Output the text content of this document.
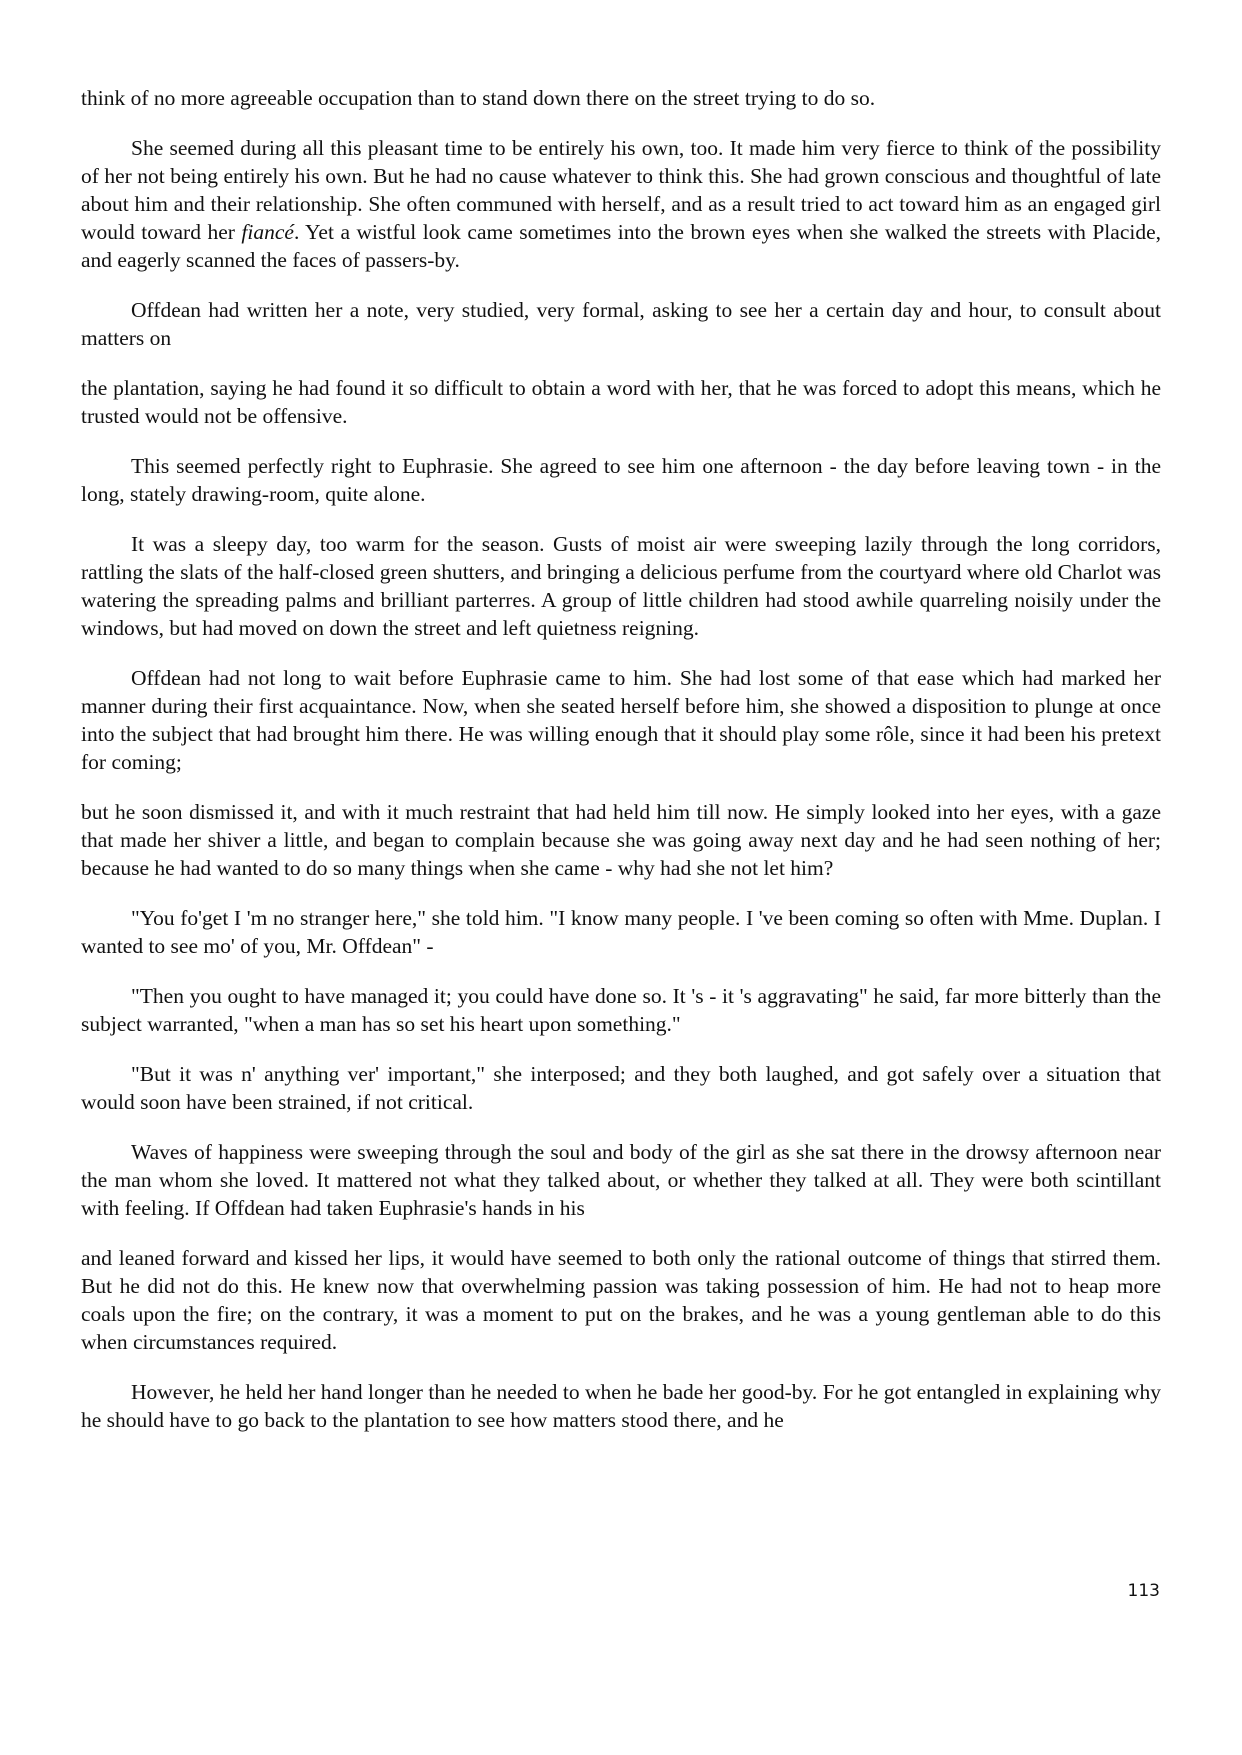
think of no more agreeable occupation than to stand down there on the street trying to do so.

She seemed during all this pleasant time to be entirely his own, too. It made him very fierce to think of the possibility of her not being entirely his own. But he had no cause whatever to think this. She had grown conscious and thoughtful of late about him and their relationship. She often communed with herself, and as a result tried to act toward him as an engaged girl would toward her fiancé. Yet a wistful look came sometimes into the brown eyes when she walked the streets with Placide, and eagerly scanned the faces of passers-by.

Offdean had written her a note, very studied, very formal, asking to see her a certain day and hour, to consult about matters on

the plantation, saying he had found it so difficult to obtain a word with her, that he was forced to adopt this means, which he trusted would not be offensive.

This seemed perfectly right to Euphrasie. She agreed to see him one afternoon - the day before leaving town - in the long, stately drawing-room, quite alone.

It was a sleepy day, too warm for the season. Gusts of moist air were sweeping lazily through the long corridors, rattling the slats of the half-closed green shutters, and bringing a delicious perfume from the courtyard where old Charlot was watering the spreading palms and brilliant parterres. A group of little children had stood awhile quarreling noisily under the windows, but had moved on down the street and left quietness reigning.

Offdean had not long to wait before Euphrasie came to him. She had lost some of that ease which had marked her manner during their first acquaintance. Now, when she seated herself before him, she showed a disposition to plunge at once into the subject that had brought him there. He was willing enough that it should play some rôle, since it had been his pretext for coming;

but he soon dismissed it, and with it much restraint that had held him till now. He simply looked into her eyes, with a gaze that made her shiver a little, and began to complain because she was going away next day and he had seen nothing of her; because he had wanted to do so many things when she came - why had she not let him?

"You fo'get I 'm no stranger here," she told him. "I know many people. I 've been coming so often with Mme. Duplan. I wanted to see mo' of you, Mr. Offdean" -

"Then you ought to have managed it; you could have done so. It 's - it 's aggravating" he said, far more bitterly than the subject warranted, "when a man has so set his heart upon something."

"But it was n' anything ver' important," she interposed; and they both laughed, and got safely over a situation that would soon have been strained, if not critical.

Waves of happiness were sweeping through the soul and body of the girl as she sat there in the drowsy afternoon near the man whom she loved. It mattered not what they talked about, or whether they talked at all. They were both scintillant with feeling. If Offdean had taken Euphrasie's hands in his

and leaned forward and kissed her lips, it would have seemed to both only the rational outcome of things that stirred them. But he did not do this. He knew now that overwhelming passion was taking possession of him. He had not to heap more coals upon the fire; on the contrary, it was a moment to put on the brakes, and he was a young gentleman able to do this when circumstances required.

However, he held her hand longer than he needed to when he bade her good-by. For he got entangled in explaining why he should have to go back to the plantation to see how matters stood there, and he

113
